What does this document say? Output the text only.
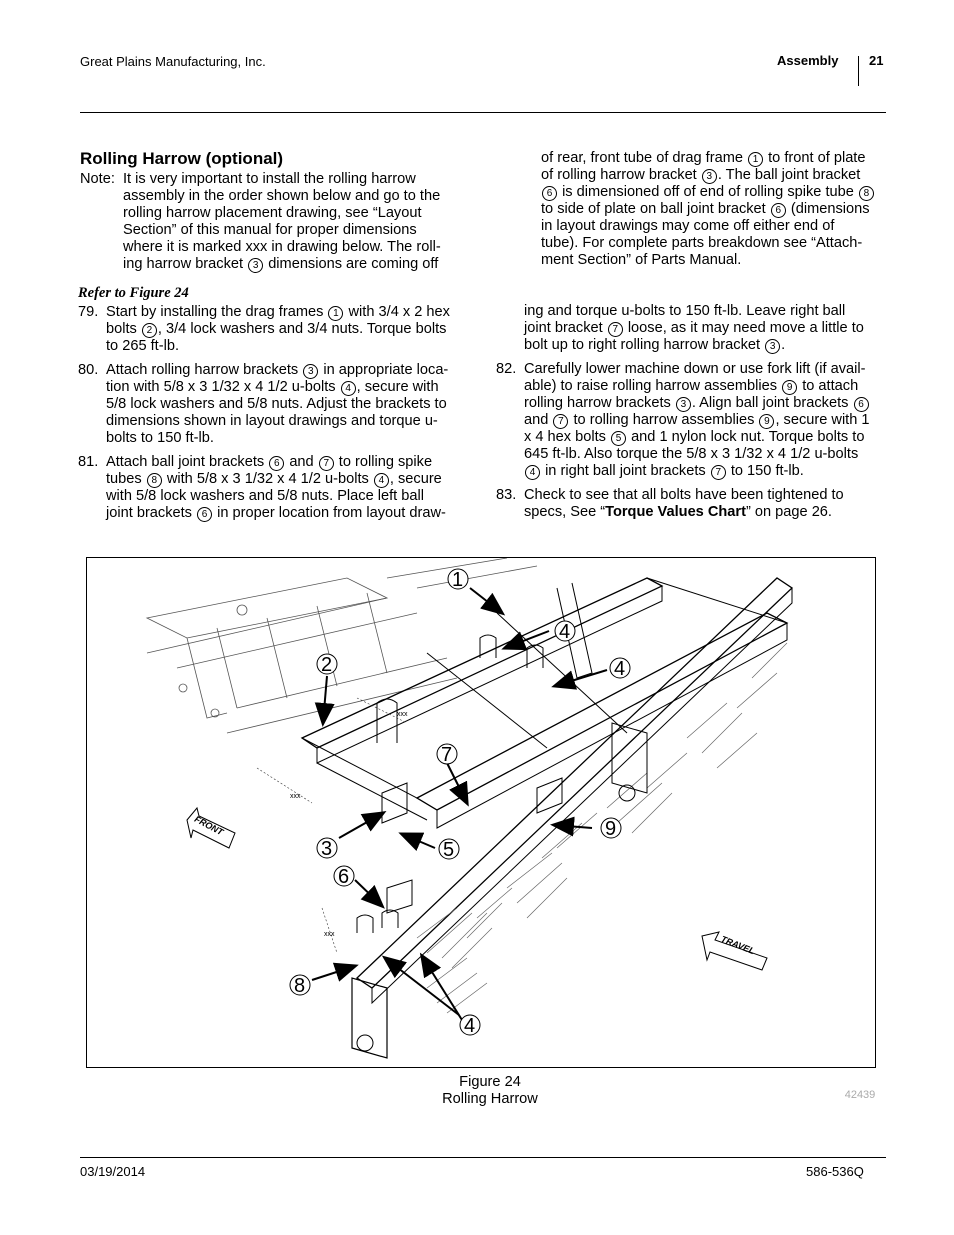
Great Plains Manufacturing, Inc.	Assembly 21
Rolling Harrow (optional)
Note: It is very important to install the rolling harrow
assembly in the order shown below and go to the
rolling harrow placement drawing, see “Layout
Section” of this manual for proper dimensions
where it is marked xxx in drawing below. The roll-
ing harrow bracket 3 dimensions are coming off
of rear, front tube of drag frame 1 to front of plate
of rolling harrow bracket 3 . The ball joint bracket
6 is dimensioned off of end of rolling spike tube 8
to side of plate on ball joint bracket 6 (dimensions
in layout drawings may come off either end of
tube). For complete parts breakdown see “Attach-
ment Section” of Parts Manual.
Refer to Figure 24
79. Start by installing the drag frames 1 with 3/4 x 2 hex
bolts 2 , 3/4 lock washers and 3/4 nuts. Torque bolts
to 265 ft-lb.
80. Attach rolling harrow brackets 3 in appropriate loca-
tion with 5/8 x 3 1/32 x 4 1/2 u-bolts 4 , secure with
5/8 lock washers and 5/8 nuts. Adjust the brackets to
dimensions shown in layout drawings and torque u-
bolts to 150 ft-lb.
81. Attach ball joint brackets 6 and 7 to rolling spike
tubes 8 with 5/8 x 3 1/32 x 4 1/2 u-bolts 4 , secure
with 5/8 lock washers and 5/8 nuts. Place left ball
joint brackets 6 in proper location from layout draw-
ing and torque u-bolts to 150 ft-lb. Leave right ball
joint bracket 7 loose, as it may need move a little to
bolt up to right rolling harrow bracket 3 .
82. Carefully lower machine down or use fork lift (if avail-
able) to raise rolling harrow assemblies 9 to attach
rolling harrow brackets 3 . Align ball joint brackets 6
and 7 to rolling harrow assemblies 9 , secure with 1
x 4 hex bolts 5 and 1 nylon lock nut. Torque bolts to
645 ft-lb. Also torque the 5/8 x 3 1/32 x 4 1/2 u-bolts
4 in right ball joint brackets 7 to 150 ft-lb.
83. Check to see that all bolts have been tightened to
specs, See “Torque Values Chart” on page 26.
FRONT
TRAVEL
xxx
xxx
xxx
1
4
4
2
7
9
3	5
6
8
4
Figure 24
Rolling Harrow	42439
03/19/2014	586-536Q
